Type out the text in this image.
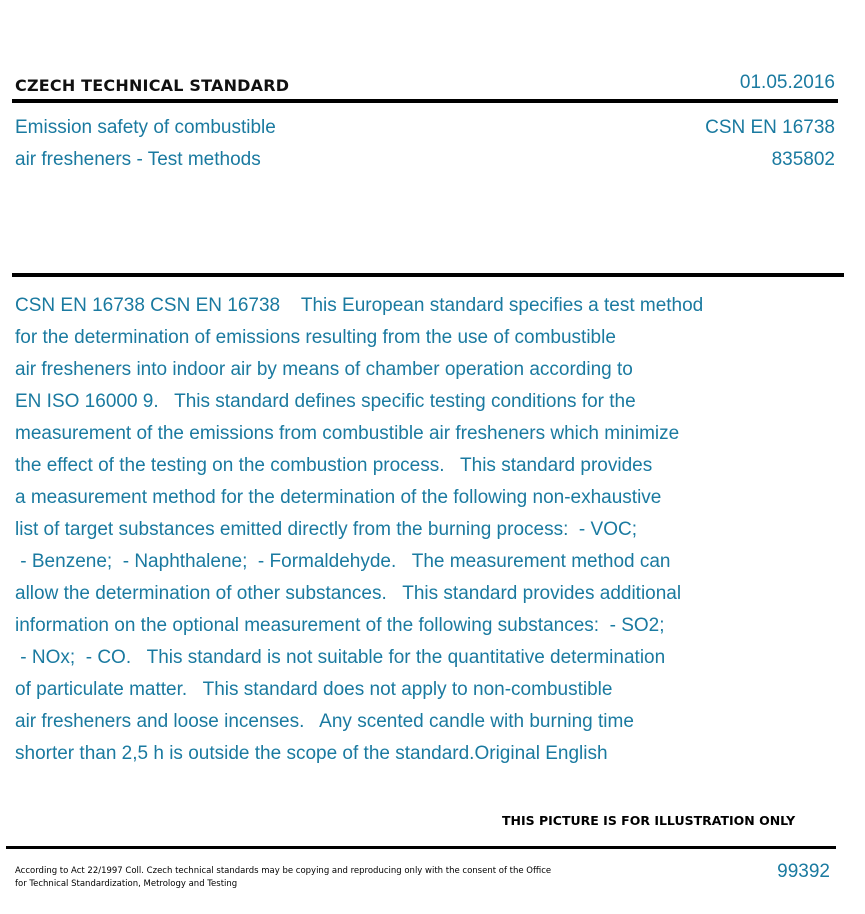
CZECH TECHNICAL STANDARD	01.05.2016
Emission safety of combustible
air fresheners - Test methods
CSN EN 16738
835802
CSN EN 16738 CSN EN 16738    This European standard specifies a test method
for the determination of emissions resulting from the use of combustible
air fresheners into indoor air by means of chamber operation according to
EN ISO 16000 9.   This standard defines specific testing conditions for the
measurement of the emissions from combustible air fresheners which minimize
the effect of the testing on the combustion process.   This standard provides
a measurement method for the determination of the following non-exhaustive
list of target substances emitted directly from the burning process:  - VOC;
- Benzene;  - Naphthalene;  - Formaldehyde.   The measurement method can
allow the determination of other substances.   This standard provides additional
information on the optional measurement of the following substances:  - SO2;
- NOx;  - CO.   This standard is not suitable for the quantitative determination
of particulate matter.   This standard does not apply to non-combustible
air fresheners and loose incenses.   Any scented candle with burning time
shorter than 2,5 h is outside the scope of the standard.Original English
THIS PICTURE IS FOR ILLUSTRATION ONLY
According to Act 22/1997 Coll. Czech technical standards may be copying and reproducing only with the consent of the Office
for Technical Standardization, Metrology and Testing
99392
